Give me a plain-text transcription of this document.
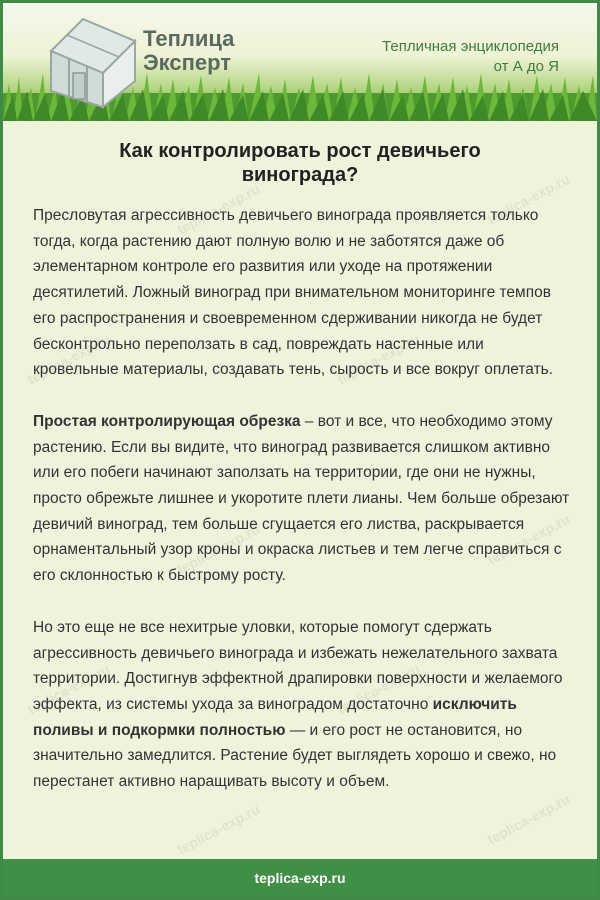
Теплица
Эксперт
Тепличная энциклопедия
от А до Я
teplica-exp.ru
teplica-exp.ru
teplica-exp.ru
teplica-exp.ru
teplica-exp.ru
teplica-exp.ru
teplica-exp.ru
teplica-exp.ru
teplica-exp.ru	teplica-exp.ru
Как контролировать рост девичьего винограда?

Пресловутая агрессивность девичьего винограда проявляется только тогда, когда растению дают полную волю и не заботятся даже об элементарном контроле его развития или уходе на протяжении десятилетий. Ложный виноград при внимательном мониторинге темпов его распространения и своевременном сдерживании никогда не будет бесконтрольно переползать в сад, повреждать настенные или кровельные материалы, создавать тень, сырость и все вокруг оплетать.

Простая контролирующая обрезка – вот и все, что необходимо этому растению. Если вы видите, что виноград развивается слишком активно или его побеги начинают заползать на территории, где они не нужны, просто обрежьте лишнее и укоротите плети лианы. Чем больше обрезают девичий виноград, тем больше сгущается его листва, раскрывается орнаментальный узор кроны и окраска листьев и тем легче справиться с его склонностью к быстрому росту.

Но это еще не все нехитрые уловки, которые помогут сдержать агрессивность девичьего винограда и избежать нежелательного захвата территории. Достигнув эффектной драпировки поверхности и желаемого эффекта, из системы ухода за виноградом достаточно исключить поливы и подкормки полностью — и его рост не остановится, но значительно замедлится. Растение будет выглядеть хорошо и свежо, но перестанет активно наращивать высоту и объем.

teplica-exp.ru
